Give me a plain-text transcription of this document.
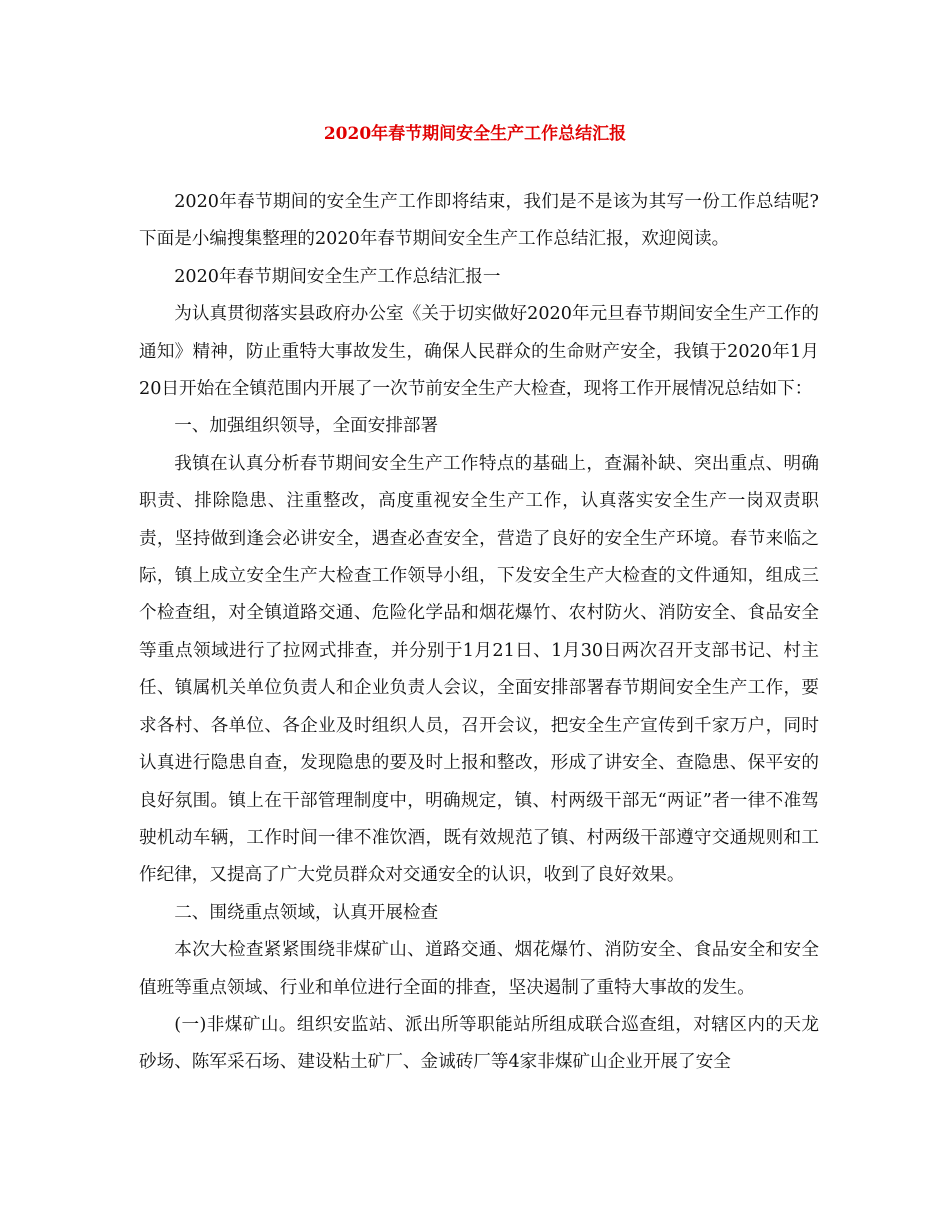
2020年春节期间安全生产工作总结汇报

2020年春节期间的安全生产工作即将结束，我们是不是该为其写一份工作总结呢?下面是小编搜集整理的2020年春节期间安全生产工作总结汇报，欢迎阅读。

2020年春节期间安全生产工作总结汇报一

为认真贯彻落实县政府办公室《关于切实做好2020年元旦春节期间安全生产工作的通知》精神，防止重特大事故发生，确保人民群众的生命财产安全，我镇于2020年1月20日开始在全镇范围内开展了一次节前安全生产大检查，现将工作开展情况总结如下：

一、加强组织领导，全面安排部署

我镇在认真分析春节期间安全生产工作特点的基础上，查漏补缺、突出重点、明确职责、排除隐患、注重整改，高度重视安全生产工作，认真落实安全生产一岗双责职责，坚持做到逢会必讲安全，遇查必查安全，营造了良好的安全生产环境。春节来临之际，镇上成立安全生产大检查工作领导小组，下发安全生产大检查的文件通知，组成三个检查组，对全镇道路交通、危险化学品和烟花爆竹、农村防火、消防安全、食品安全等重点领域进行了拉网式排查，并分别于1月21日、1月30日两次召开支部书记、村主任、镇属机关单位负责人和企业负责人会议，全面安排部署春节期间安全生产工作，要求各村、各单位、各企业及时组织人员，召开会议，把安全生产宣传到千家万户，同时认真进行隐患自查，发现隐患的要及时上报和整改，形成了讲安全、查隐患、保平安的良好氛围。镇上在干部管理制度中，明确规定，镇、村两级干部无“两证”者一律不准驾驶机动车辆，工作时间一律不准饮酒，既有效规范了镇、村两级干部遵守交通规则和工作纪律，又提高了广大党员群众对交通安全的认识，收到了良好效果。

二、围绕重点领域，认真开展检查

本次大检查紧紧围绕非煤矿山、道路交通、烟花爆竹、消防安全、食品安全和安全值班等重点领域、行业和单位进行全面的排查，坚决遏制了重特大事故的发生。

(一)非煤矿山。组织安监站、派出所等职能站所组成联合巡查组，对辖区内的天龙砂场、陈军采石场、建设粘土矿厂、金诚砖厂等4家非煤矿山企业开展了安全
